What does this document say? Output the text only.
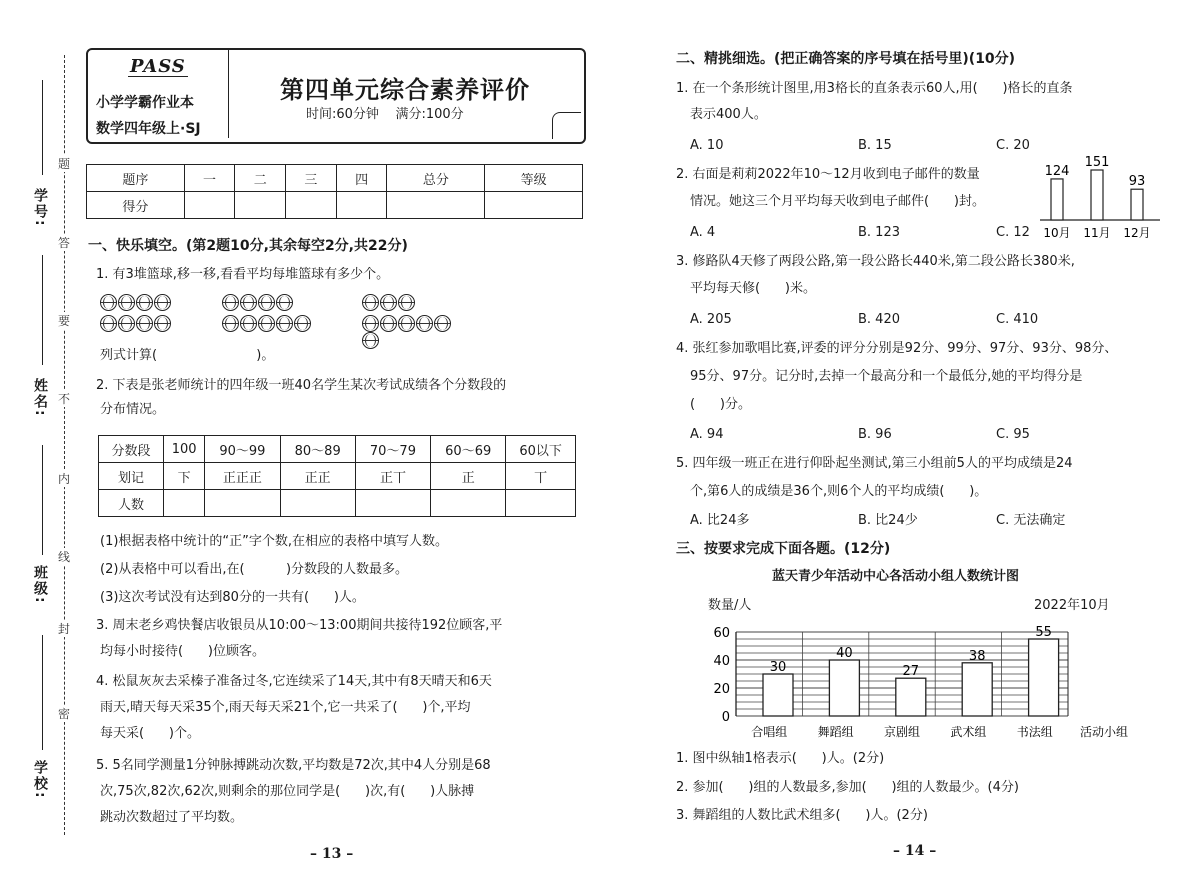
学号:
姓名:
班级:
学校:
密
封
线
内
不
要
答
题
PASS
小学学霸作业本
数学四年级上·SJ
第四单元综合素养评价
时间:60分钟    满分:100分
题序	一	二	三	四	总分	等级
得分						
一、快乐填空。(第2题10分,其余每空2分,共22分)
1. 有3堆篮球,移一移,看看平均每堆篮球有多少个。
列式计算(                        )。
2. 下表是张老师统计的四年级一班40名学生某次考试成绩各个分数段的
分布情况。
分数段	100	90～99	80～89	70～79	60～69	60以下
划记	下	正正正	正正	正丅	正	丅
人数						
(1)根据表格中统计的“正”字个数,在相应的表格中填写人数。
(2)从表格中可以看出,在(          )分数段的人数最多。
(3)这次考试没有达到80分的一共有(      )人。
3. 周末老乡鸡快餐店收银员从10:00～13:00期间共接待192位顾客,平
均每小时接待(      )位顾客。
4. 松鼠灰灰去采榛子准备过冬,它连续采了14天,其中有8天晴天和6天
雨天,晴天每天采35个,雨天每天采21个,它一共采了(      )个,平均
每天采(      )个。
5. 5名同学测量1分钟脉搏跳动次数,平均数是72次,其中4人分别是68
次,75次,82次,62次,则剩余的那位同学是(      )次,有(      )人脉搏
跳动次数超过了平均数。
– 13 –
二、精挑细选。(把正确答案的序号填在括号里)(10分)
1. 在一个条形统计图里,用3格长的直条表示60人,用(      )格长的直条
表示400人。
A. 10	B. 15	C. 20
2. 右面是莉莉2022年10～12月收到电子邮件的数量
情况。她这三个月平均每天收到电子邮件(      )封。
A. 4	B. 123	C. 12
124
10月
151
11月
93
12月
3. 修路队4天修了两段公路,第一段公路长440米,第二段公路长380米,
平均每天修(      )米。
A. 205	B. 420	C. 410
4. 张红参加歌唱比赛,评委的评分分别是92分、99分、97分、93分、98分、
95分、97分。记分时,去掉一个最高分和一个最低分,她的平均得分是
(      )分。
A. 94	B. 96	C. 95
5. 四年级一班正在进行仰卧起坐测试,第三小组前5人的平均成绩是24
个,第6人的成绩是36个,则6个人的平均成绩(      )。
A. 比24多	B. 比24少	C. 无法确定
三、按要求完成下面各题。(12分)
蓝天青少年活动中心各活动小组人数统计图
数量/人	2022年10月
0
20
40
60
30
合唱组
40
舞蹈组
27
京剧组
38
武术组
55
书法组 活动小组
1. 图中纵轴1格表示(      )人。(2分)
2. 参加(      )组的人数最多,参加(      )组的人数最少。(4分)
3. 舞蹈组的人数比武术组多(      )人。(2分)
– 14 –
